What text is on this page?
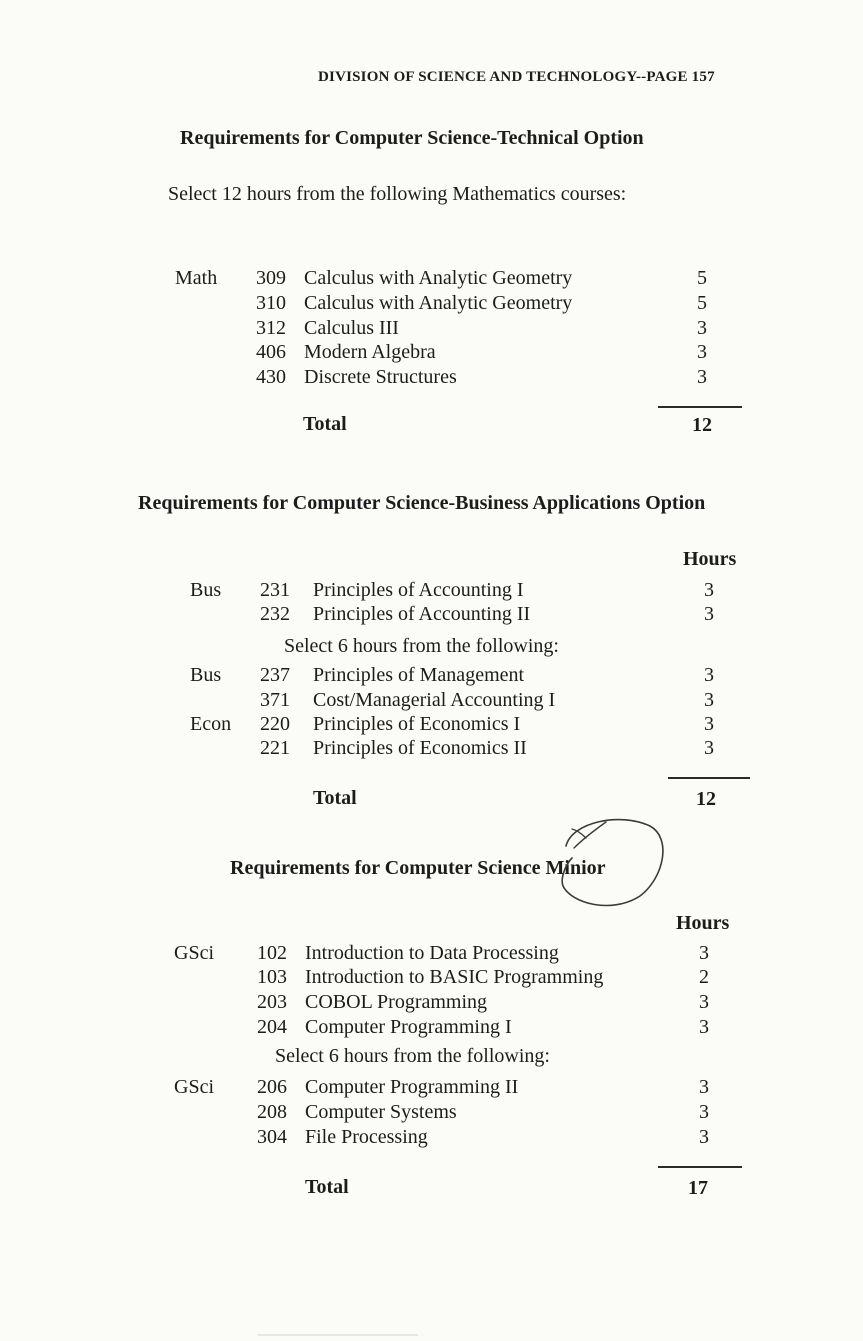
DIVISION OF SCIENCE AND TECHNOLOGY--PAGE 157
Requirements for Computer Science-Technical Option
Select 12 hours from the following Mathematics courses:
Math 309 Calculus with Analytic Geometry	5
310 Calculus with Analytic Geometry	5
312 Calculus III	3
406 Modern Algebra	3
430 Discrete Structures	3
Total	12
Requirements for Computer Science-Business Applications Option
Hours
Bus 231 Principles of Accounting I	3
232 Principles of Accounting II	3
Select 6 hours from the following:
Bus 237 Principles of Management	3
371 Cost/Managerial Accounting I	3
Econ 220 Principles of Economics I	3
221 Principles of Economics II	3
Total	12
Requirements for Computer Science Minior
Hours
GSci 102 Introduction to Data Processing	3
103 Introduction to BASIC Programming	2
203 COBOL Programming	3
204 Computer Programming I	3
Select 6 hours from the following:
GSci 206 Computer Programming II	3
208 Computer Systems	3
304 File Processing	3
Total	17
